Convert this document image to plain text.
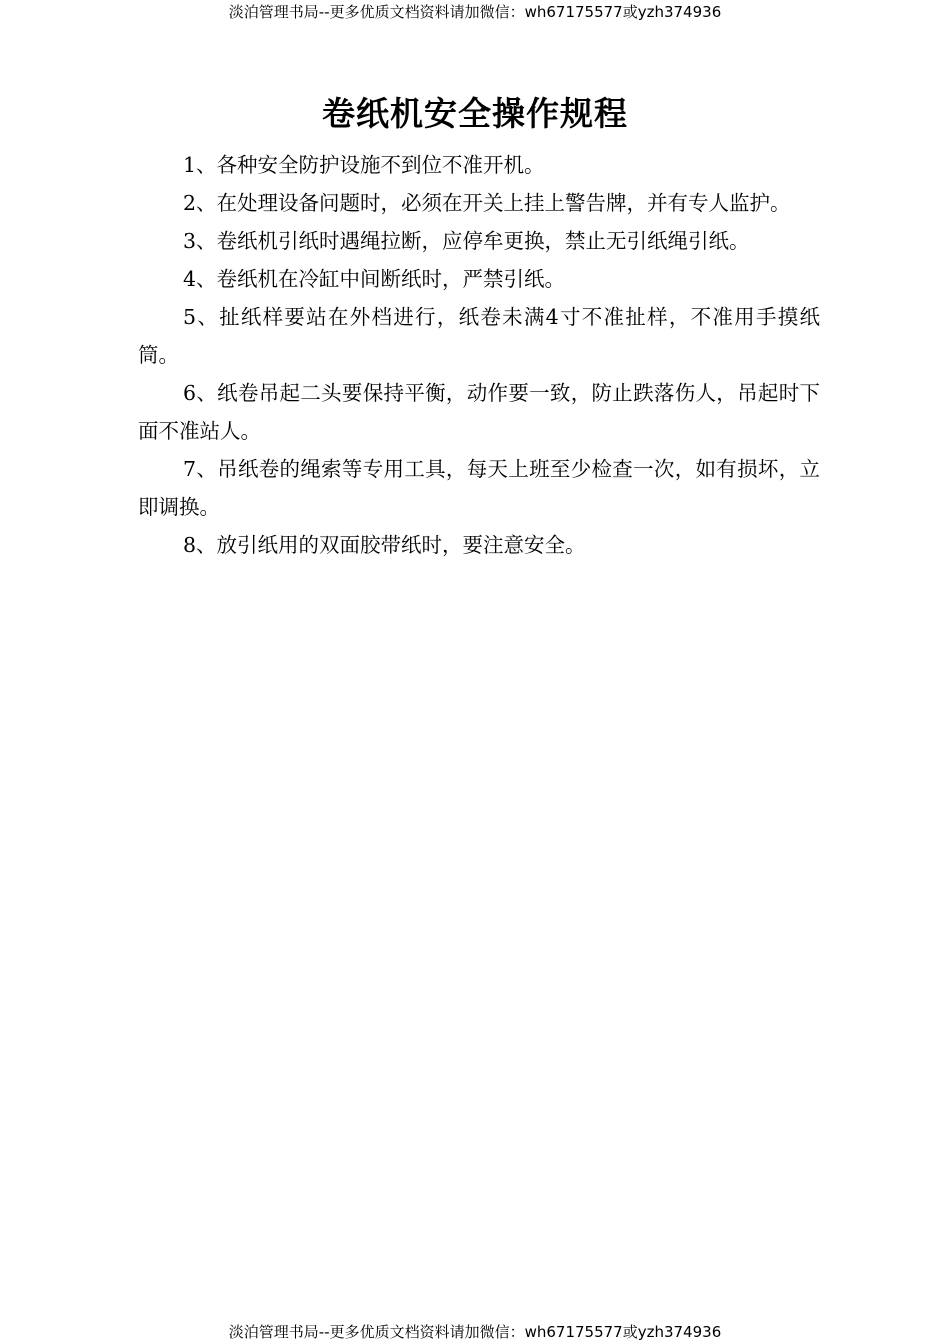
淡泊管理书局--更多优质文档资料请加微信：wh67175577或yzh374936
卷纸机安全操作规程

1、各种安全防护设施不到位不准开机。

2、在处理设备问题时，必须在开关上挂上警告牌，并有专人监护。

3、卷纸机引纸时遇绳拉断，应停牟更换，禁止无引纸绳引纸。

4、卷纸机在冷缸中间断纸时，严禁引纸。

5、扯纸样要站在外档进行，纸卷未满4寸不准扯样，不准用手摸纸筒。

6、纸卷吊起二头要保持平衡，动作要一致，防止跌落伤人，吊起时下面不准站人。

7、吊纸卷的绳索等专用工具，每天上班至少检查一次，如有损坏，立即调换。

8、放引纸用的双面胶带纸时，要注意安全。

淡泊管理书局--更多优质文档资料请加微信：wh67175577或yzh374936
